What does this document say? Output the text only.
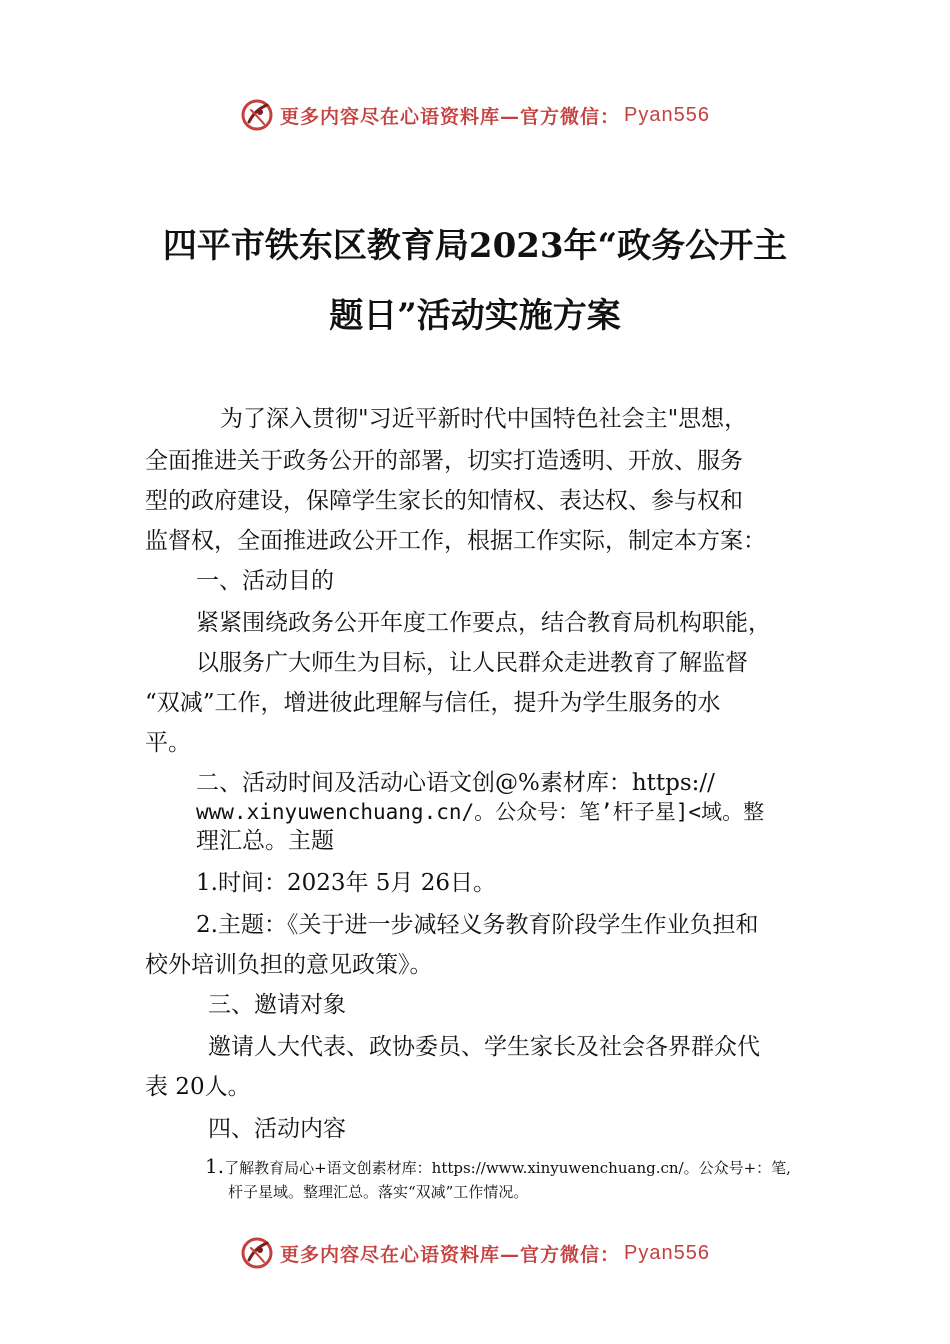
更多内容尽在心语资料库—官方微信： Pyan556
四平市铁东区教育局2023年“政务公开主
题日”活动实施方案
为了深入贯彻"习近平新时代中国特色社会主"思想，
全面推进关于政务公开的部署，切实打造透明、开放、服务
型的政府建设，保障学生家长的知情权、表达权、参与权和
监督权，全面推进政公开工作，根据工作实际，制定本方案：
一、活动目的
紧紧围绕政务公开年度工作要点，结合教育局机构职能，
以服务广大师生为目标，让人民群众走进教育了解监督
“双减”工作，增进彼此理解与信任，提升为学生服务的水
平。
二、活动时间及活动心语文创@%素材库：https://
www.xinyuwenchuang.cn/。公众号：笔’杆子星]<域。整
理汇总。主题
1.时间：2023年 5月 26日。
2.主题：《关于进一步减轻义务教育阶段学生作业负担和
校外培训负担的意见政策》。
三、邀请对象
邀请人大代表、政协委员、学生家长及社会各界群众代
表 20人。
四、活动内容
1.了解教育局心+语文创素材库：https://www.xinyuwenchuang.cn/。公众号+：笔,
杆子星域。整理汇总。落实“双减”工作情况。
更多内容尽在心语资料库—官方微信： Pyan556
